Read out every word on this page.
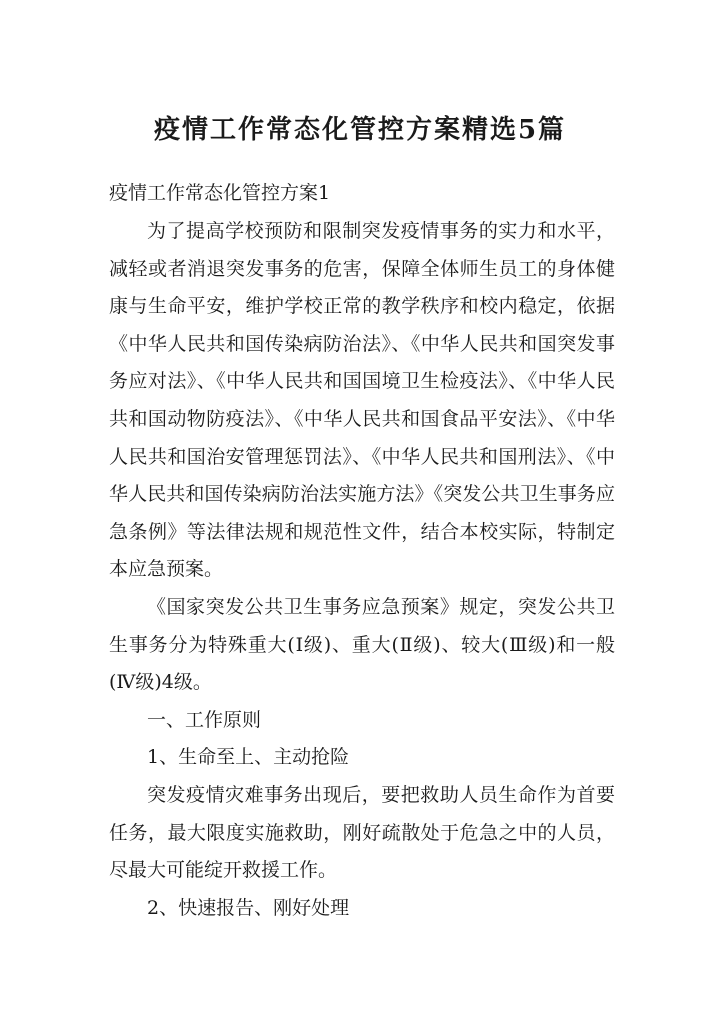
疫情工作常态化管控方案精选5篇

疫情工作常态化管控方案1

为了提高学校预防和限制突发疫情事务的实力和水平，减轻或者消退突发事务的危害，保障全体师生员工的身体健康与生命平安，维护学校正常的教学秩序和校内稳定，依据《中华人民共和国传染病防治法》、《中华人民共和国突发事务应对法》、《中华人民共和国国境卫生检疫法》、《中华人民共和国动物防疫法》、《中华人民共和国食品平安法》、《中华人民共和国治安管理惩罚法》、《中华人民共和国刑法》、《中华人民共和国传染病防治法实施方法》《突发公共卫生事务应急条例》等法律法规和规范性文件，结合本校实际，特制定本应急预案。

《国家突发公共卫生事务应急预案》规定，突发公共卫生事务分为特殊重大(Ⅰ级)、重大(Ⅱ级)、较大(Ⅲ级)和一般(Ⅳ级)4级。

一、工作原则

1、生命至上、主动抢险

突发疫情灾难事务出现后，要把救助人员生命作为首要任务，最大限度实施救助，刚好疏散处于危急之中的人员，尽最大可能绽开救援工作。

2、快速报告、刚好处理
